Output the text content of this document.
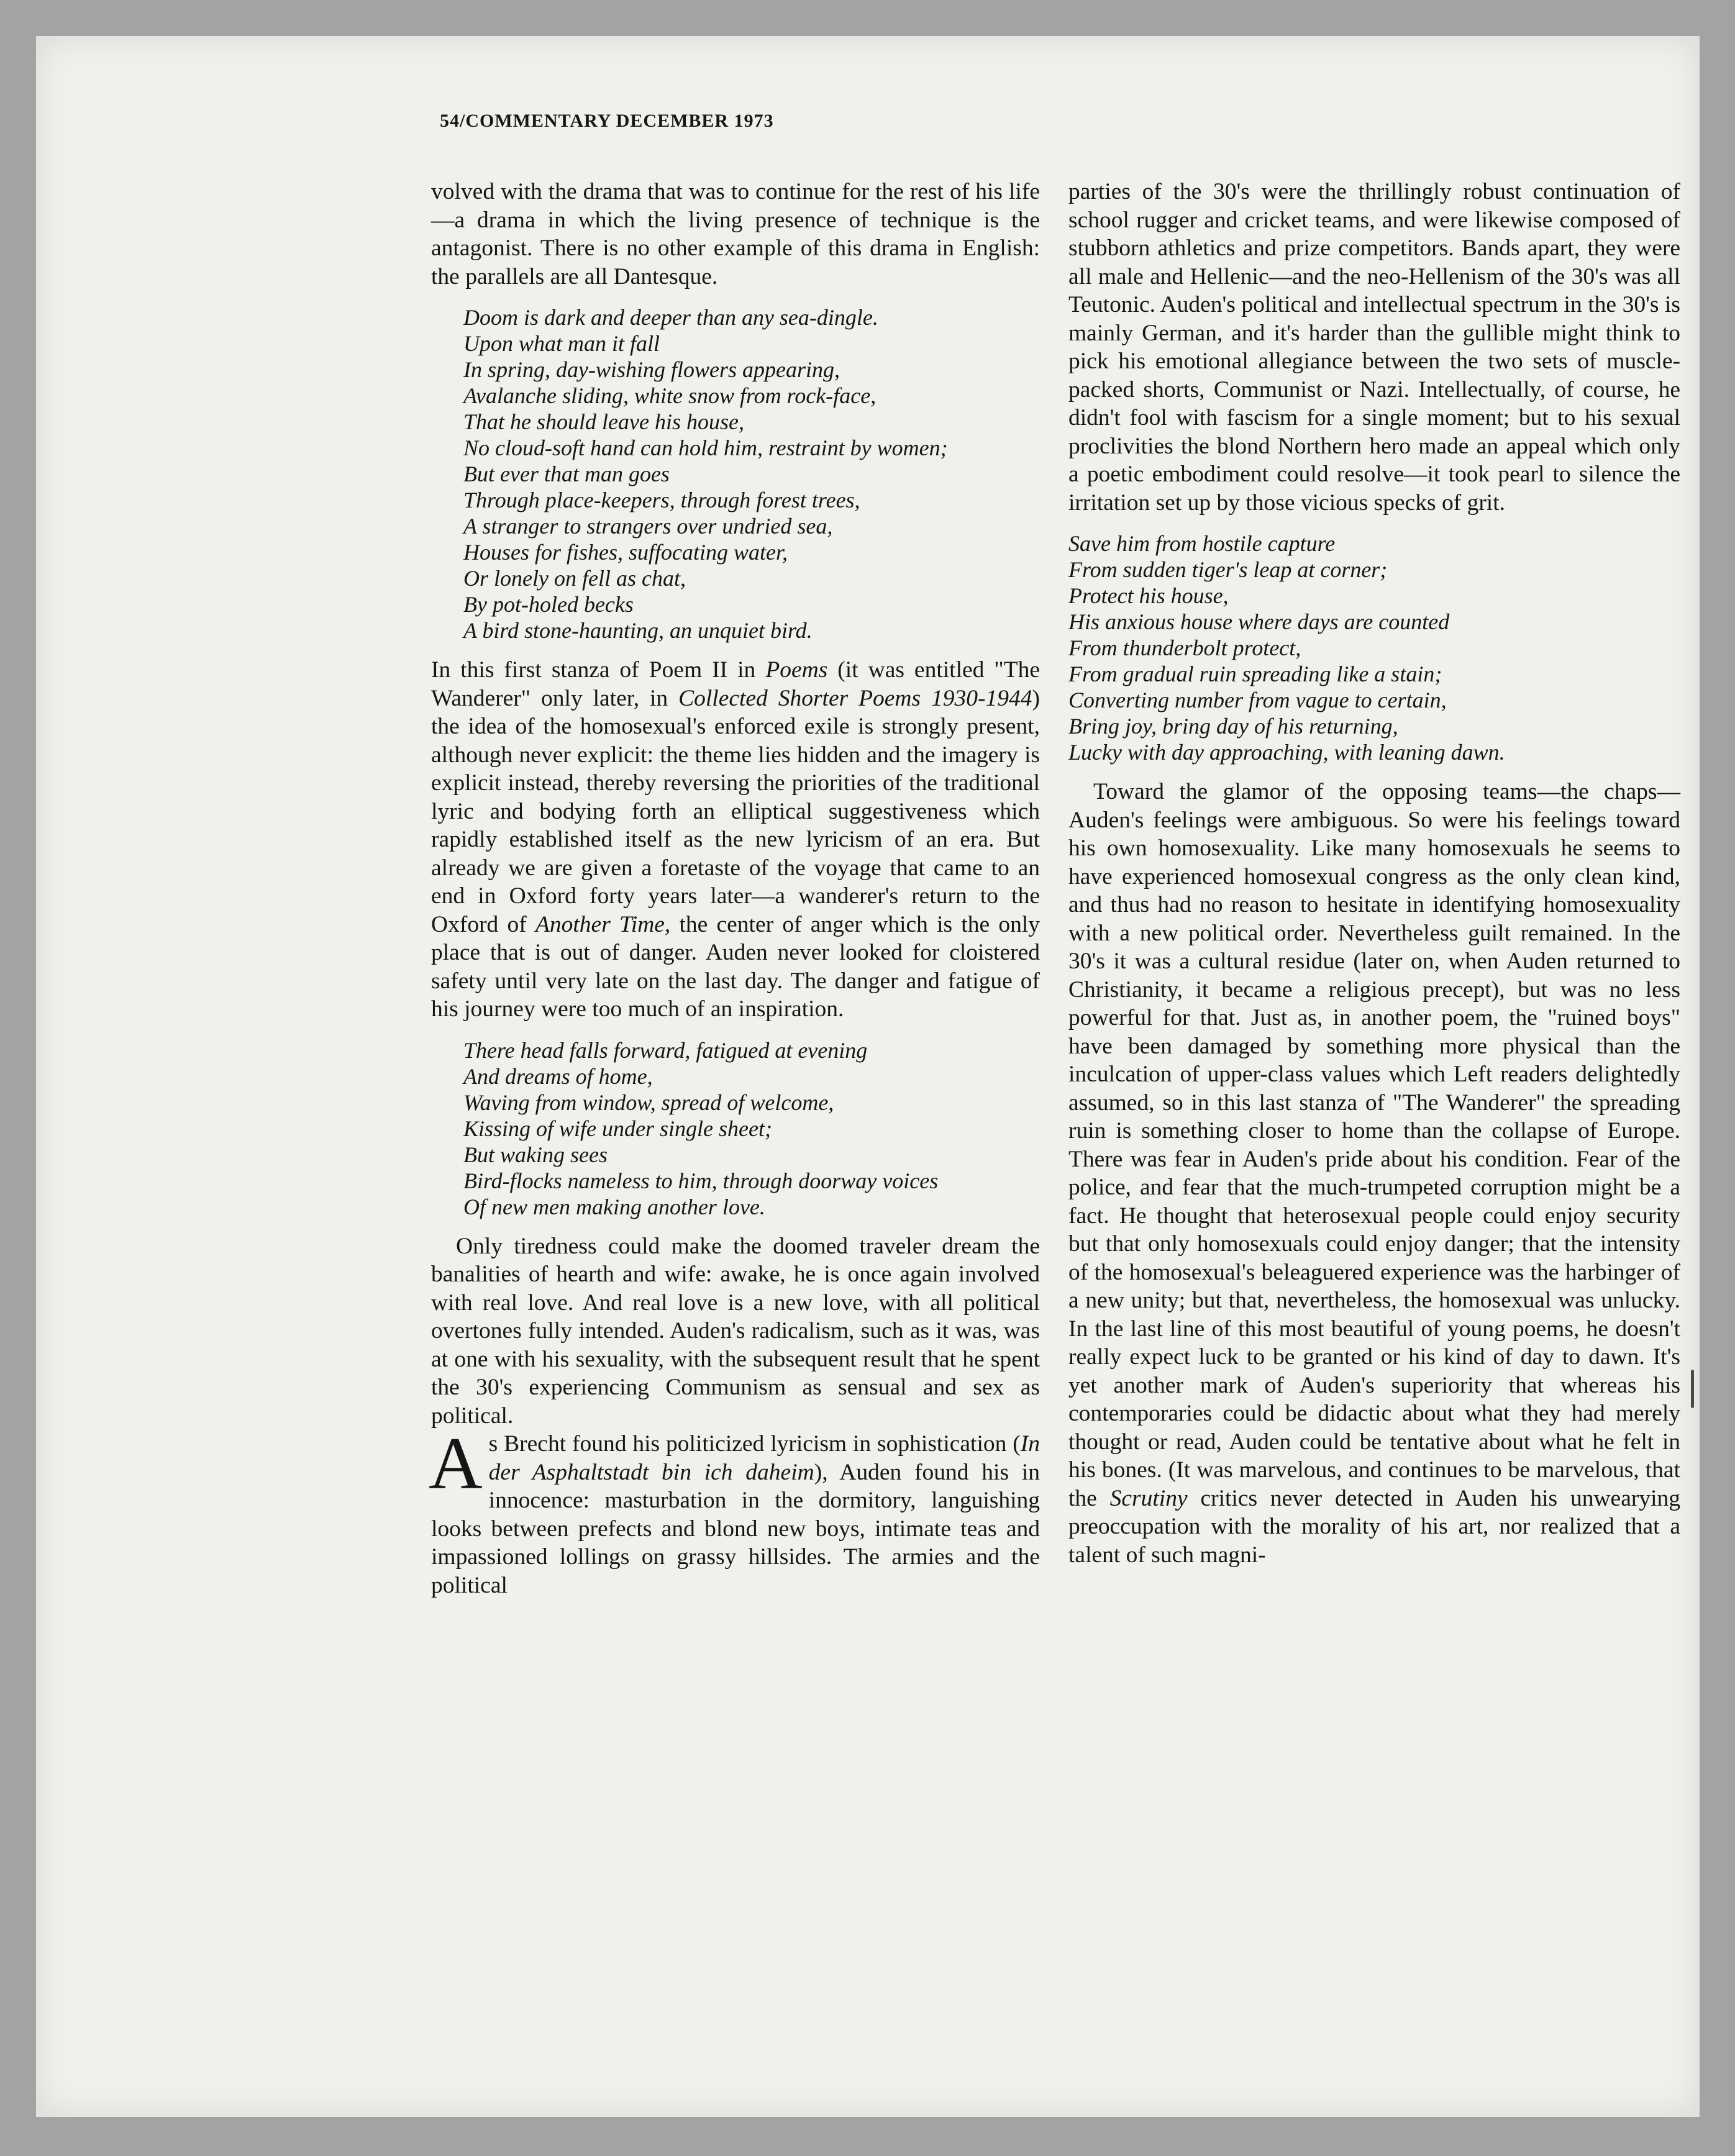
54/COMMENTARY DECEMBER 1973

volved with the drama that was to continue for the rest of his life—a drama in which the living presence of technique is the antagonist. There is no other example of this drama in English: the parallels are all Dantesque.

Doom is dark and deeper than any sea-dingle.
Upon what man it fall
In spring, day-wishing flowers appearing,
Avalanche sliding, white snow from rock-face,
That he should leave his house,
No cloud-soft hand can hold him, restraint by women;
But ever that man goes
Through place-keepers, through forest trees,
A stranger to strangers over undried sea,
Houses for fishes, suffocating water,
Or lonely on fell as chat,
By pot-holed becks
A bird stone-haunting, an unquiet bird.

In this first stanza of Poem II in Poems (it was entitled "The Wanderer" only later, in Collected Shorter Poems 1930-1944) the idea of the homosexual's enforced exile is strongly present, although never explicit: the theme lies hidden and the imagery is explicit instead, thereby reversing the priorities of the traditional lyric and bodying forth an elliptical suggestiveness which rapidly established itself as the new lyricism of an era. But already we are given a foretaste of the voyage that came to an end in Oxford forty years later—a wanderer's return to the Oxford of Another Time, the center of anger which is the only place that is out of danger. Auden never looked for cloistered safety until very late on the last day. The danger and fatigue of his journey were too much of an inspiration.

There head falls forward, fatigued at evening
And dreams of home,
Waving from window, spread of welcome,
Kissing of wife under single sheet;
But waking sees
Bird-flocks nameless to him, through doorway voices
Of new men making another love.

Only tiredness could make the doomed traveler dream the banalities of hearth and wife: awake, he is once again involved with real love. And real love is a new love, with all political overtones fully intended. Auden's radicalism, such as it was, was at one with his sexuality, with the subsequent result that he spent the 30's experiencing Communism as sensual and sex as political.

As Brecht found his politicized lyricism in sophistication (In der Asphaltstadt bin ich daheim), Auden found his in innocence: masturbation in the dormitory, languishing looks between prefects and blond new boys, intimate teas and impassioned lollings on grassy hillsides. The armies and the political

parties of the 30's were the thrillingly robust continuation of school rugger and cricket teams, and were likewise composed of stubborn athletics and prize competitors. Bands apart, they were all male and Hellenic—and the neo-Hellenism of the 30's was all Teutonic. Auden's political and intellectual spectrum in the 30's is mainly German, and it's harder than the gullible might think to pick his emotional allegiance between the two sets of muscle-packed shorts, Communist or Nazi. Intellectually, of course, he didn't fool with fascism for a single moment; but to his sexual proclivities the blond Northern hero made an appeal which only a poetic embodiment could resolve—it took pearl to silence the irritation set up by those vicious specks of grit.

Save him from hostile capture
From sudden tiger's leap at corner;
Protect his house,
His anxious house where days are counted
From thunderbolt protect,
From gradual ruin spreading like a stain;
Converting number from vague to certain,
Bring joy, bring day of his returning,
Lucky with day approaching, with leaning dawn.

Toward the glamor of the opposing teams—the chaps—Auden's feelings were ambiguous. So were his feelings toward his own homosexuality. Like many homosexuals he seems to have experienced homosexual congress as the only clean kind, and thus had no reason to hesitate in identifying homosexuality with a new political order. Nevertheless guilt remained. In the 30's it was a cultural residue (later on, when Auden returned to Christianity, it became a religious precept), but was no less powerful for that. Just as, in another poem, the "ruined boys" have been damaged by something more physical than the inculcation of upper-class values which Left readers delightedly assumed, so in this last stanza of "The Wanderer" the spreading ruin is something closer to home than the collapse of Europe. There was fear in Auden's pride about his condition. Fear of the police, and fear that the much-trumpeted corruption might be a fact. He thought that heterosexual people could enjoy security but that only homosexuals could enjoy danger; that the intensity of the homosexual's beleaguered experience was the harbinger of a new unity; but that, nevertheless, the homosexual was unlucky. In the last line of this most beautiful of young poems, he doesn't really expect luck to be granted or his kind of day to dawn. It's yet another mark of Auden's superiority that whereas his contemporaries could be didactic about what they had merely thought or read, Auden could be tentative about what he felt in his bones. (It was marvelous, and continues to be marvelous, that the Scrutiny critics never detected in Auden his unwearying preoccupation with the morality of his art, nor realized that a talent of such magni-
